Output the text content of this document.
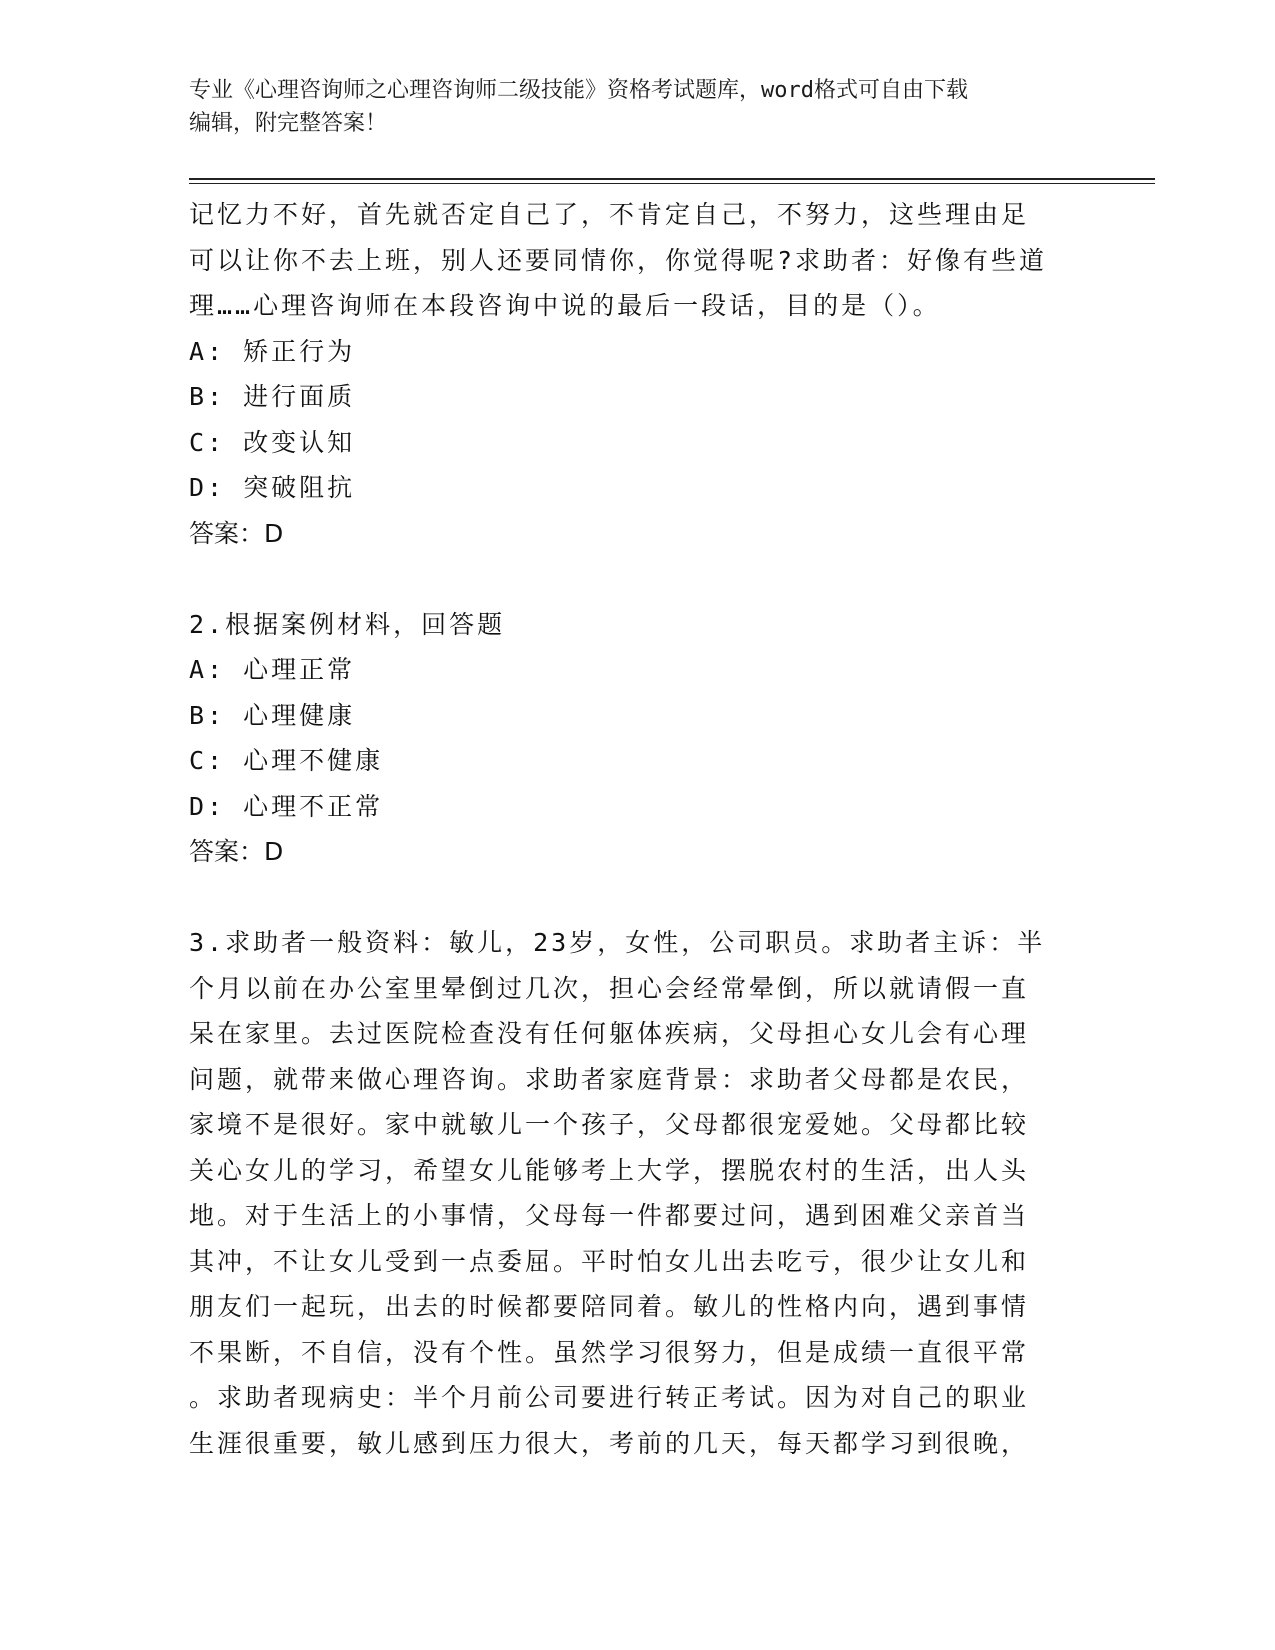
专业《心理咨询师之心理咨询师二级技能》资格考试题库，word格式可自由下载
编辑，附完整答案！

记忆力不好，首先就否定自己了，不肯定自己，不努力，这些理由足

可以让你不去上班，别人还要同情你，你觉得呢?求助者：好像有些道

理……心理咨询师在本段咨询中说的最后一段话，目的是（）。

A: 矫正行为

B: 进行面质

C: 改变认知

D: 突破阻抗

答案：D

2.根据案例材料，回答题

A: 心理正常

B: 心理健康

C: 心理不健康

D: 心理不正常

答案：D

3.求助者一般资料：敏儿，23岁，女性，公司职员。求助者主诉：半

个月以前在办公室里晕倒过几次，担心会经常晕倒，所以就请假一直

呆在家里。去过医院检查没有任何躯体疾病，父母担心女儿会有心理

问题，就带来做心理咨询。求助者家庭背景：求助者父母都是农民，

家境不是很好。家中就敏儿一个孩子，父母都很宠爱她。父母都比较

关心女儿的学习，希望女儿能够考上大学，摆脱农村的生活，出人头

地。对于生活上的小事情，父母每一件都要过问，遇到困难父亲首当

其冲，不让女儿受到一点委屈。平时怕女儿出去吃亏，很少让女儿和

朋友们一起玩，出去的时候都要陪同着。敏儿的性格内向，遇到事情

不果断，不自信，没有个性。虽然学习很努力，但是成绩一直很平常

。求助者现病史：半个月前公司要进行转正考试。因为对自己的职业

生涯很重要，敏儿感到压力很大，考前的几天，每天都学习到很晚，
